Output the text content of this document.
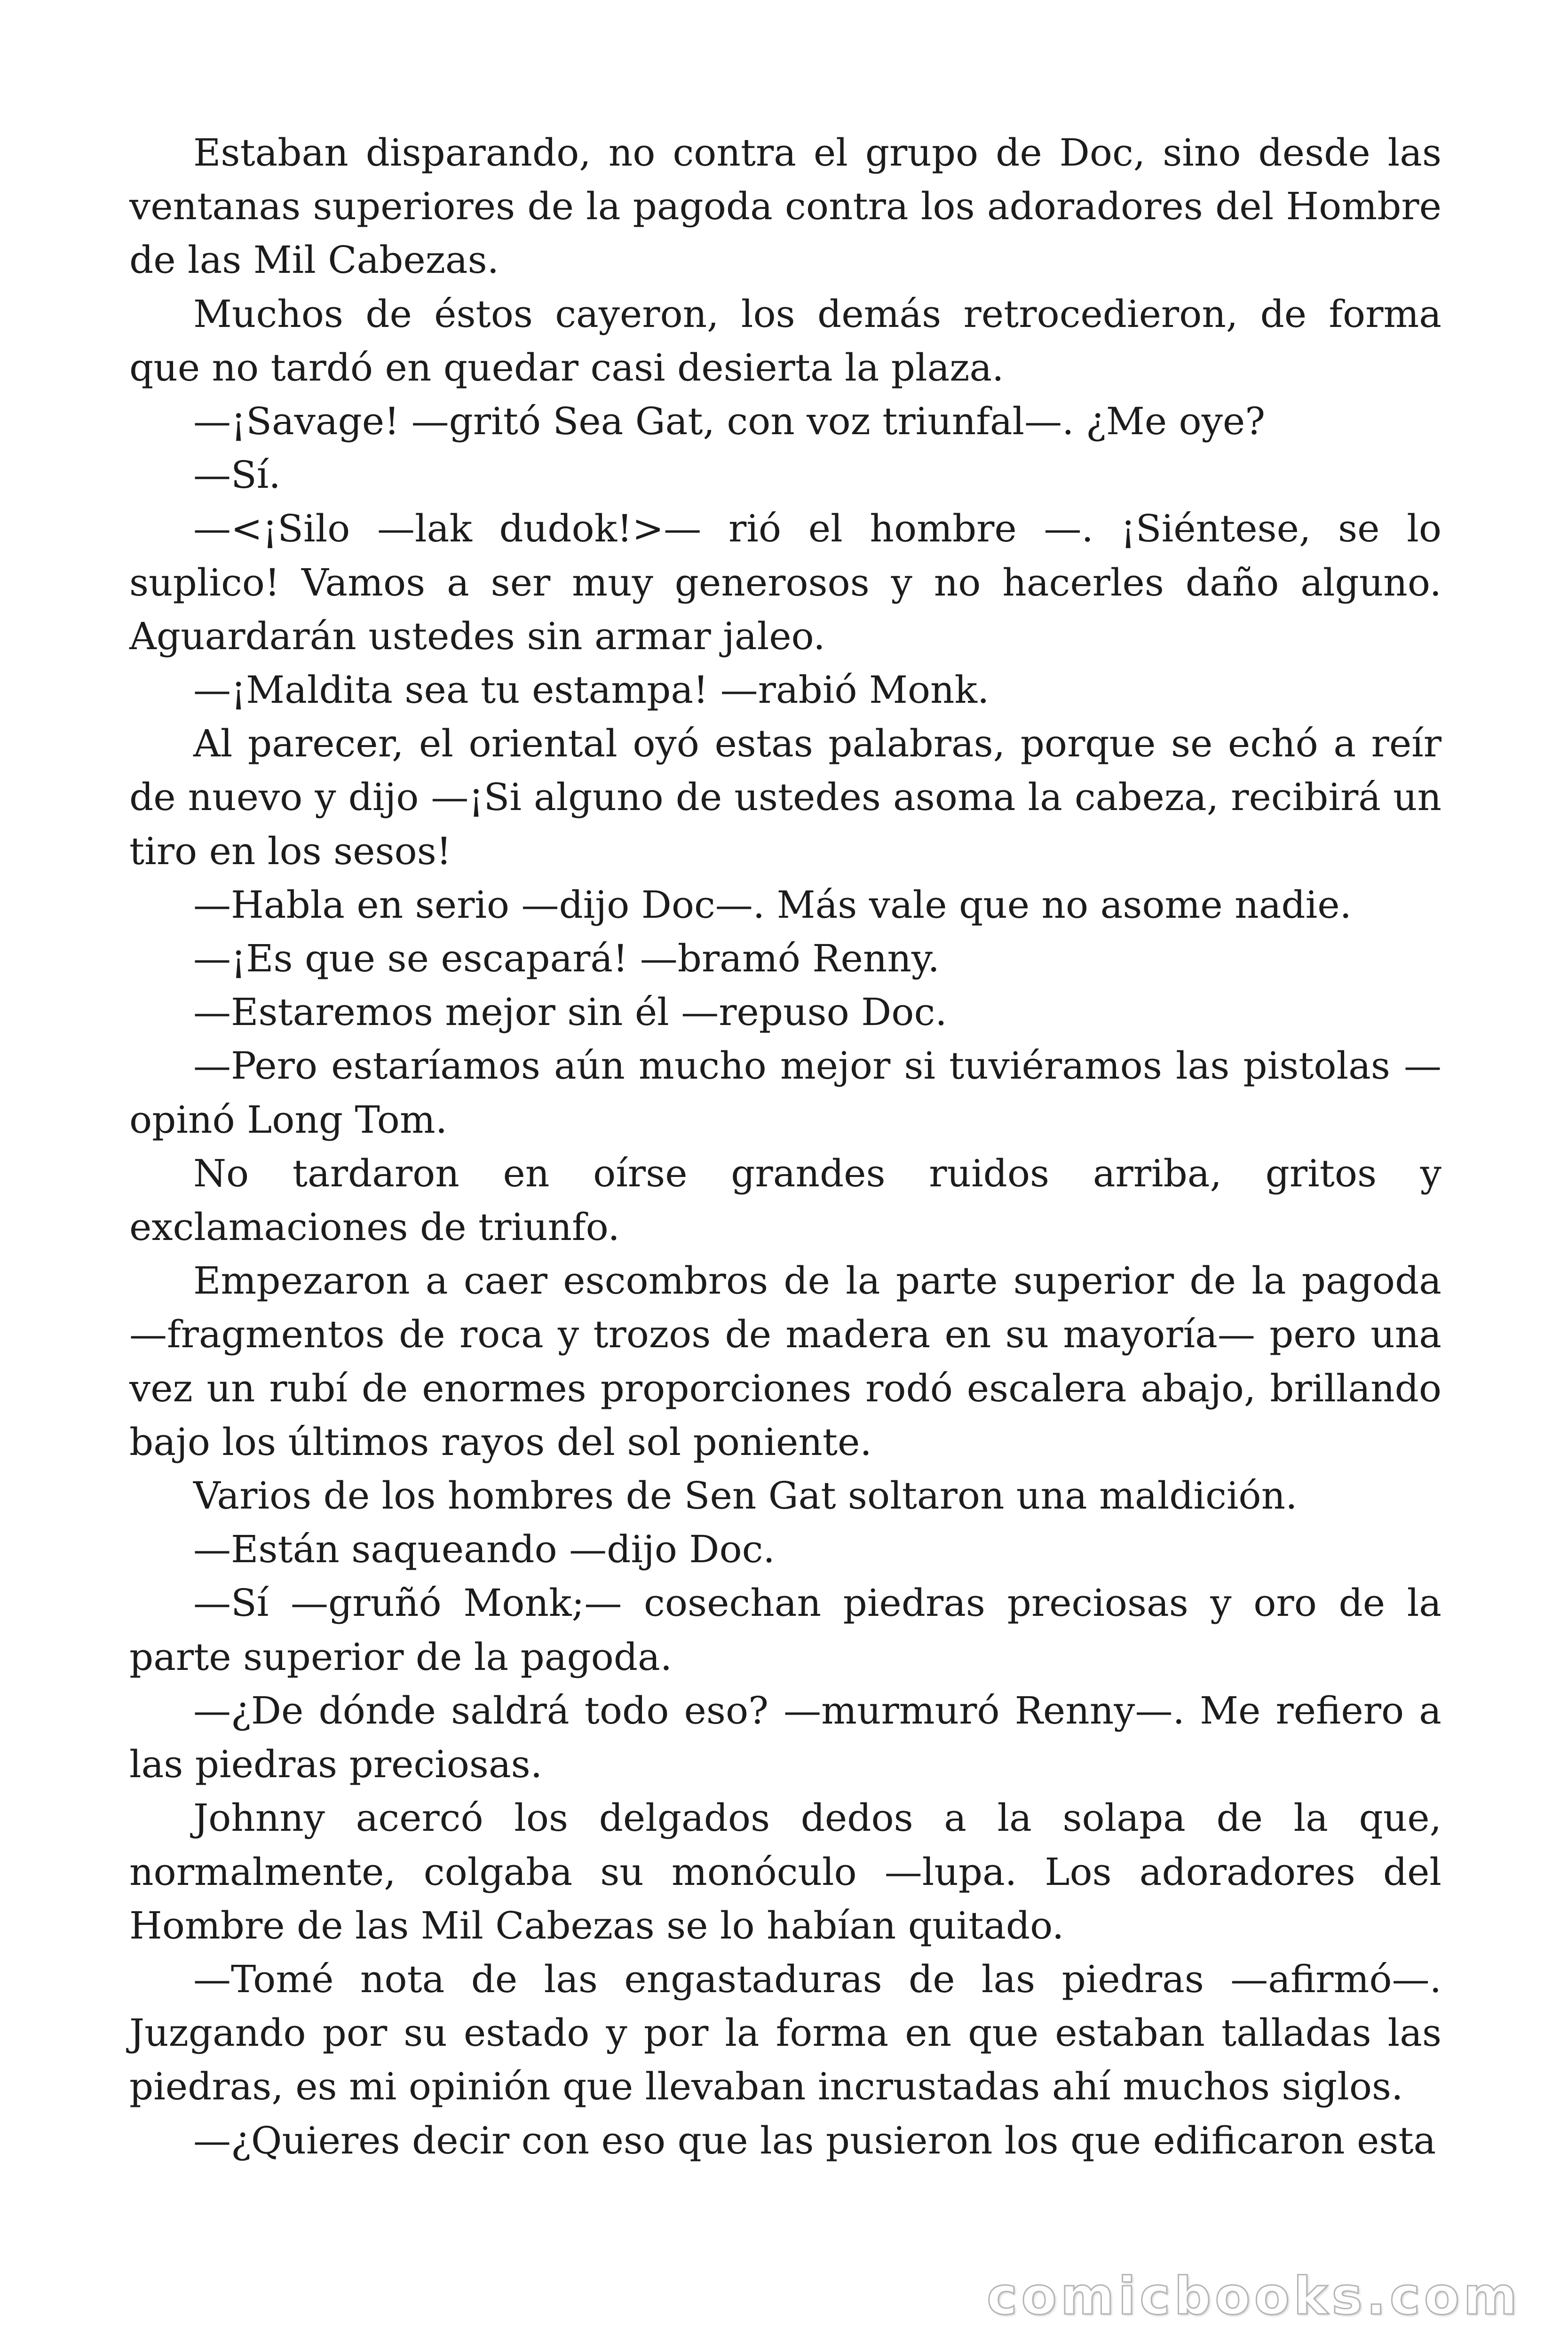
Estaban disparando, no contra el grupo de Doc, sino desde las ventanas superiores de la pagoda contra los adoradores del Hombre de las Mil Cabezas.

Muchos de éstos cayeron, los demás retrocedieron, de forma que no tardó en quedar casi desierta la plaza.

—¡Savage! —gritó Sea Gat, con voz triunfal—. ¿Me oye?

—Sí.

—<¡Silo —lak dudok!>— rió el hombre —. ¡Siéntese, se lo suplico! Vamos a ser muy generosos y no hacerles daño alguno. Aguardarán ustedes sin armar jaleo.

—¡Maldita sea tu estampa! —rabió Monk.

Al parecer, el oriental oyó estas palabras, porque se echó a reír de nuevo y dijo —¡Si alguno de ustedes asoma la cabeza, recibirá un tiro en los sesos!

—Habla en serio —dijo Doc—. Más vale que no asome nadie.

—¡Es que se escapará! —bramó Renny.

—Estaremos mejor sin él —repuso Doc.

—Pero estaríamos aún mucho mejor si tuviéramos las pistolas —opinó Long Tom.

No tardaron en oírse grandes ruidos arriba, gritos y exclamaciones de triunfo.

Empezaron a caer escombros de la parte superior de la pagoda —fragmentos de roca y trozos de madera en su mayoría— pero una vez un rubí de enormes proporciones rodó escalera abajo, brillando bajo los últimos rayos del sol poniente.

Varios de los hombres de Sen Gat soltaron una maldición.

—Están saqueando —dijo Doc.

—Sí —gruñó Monk;— cosechan piedras preciosas y oro de la parte superior de la pagoda.

—¿De dónde saldrá todo eso? —murmuró Renny—. Me refiero a las piedras preciosas.

Johnny acercó los delgados dedos a la solapa de la que, normalmente, colgaba su monóculo —lupa. Los adoradores del Hombre de las Mil Cabezas se lo habían quitado.

—Tomé nota de las engastaduras de las piedras —afirmó—. Juzgando por su estado y por la forma en que estaban talladas las piedras, es mi opinión que llevaban incrustadas ahí muchos siglos.

—¿Quieres decir con eso que las pusieron los que edificaron esta

comicbooks.com
